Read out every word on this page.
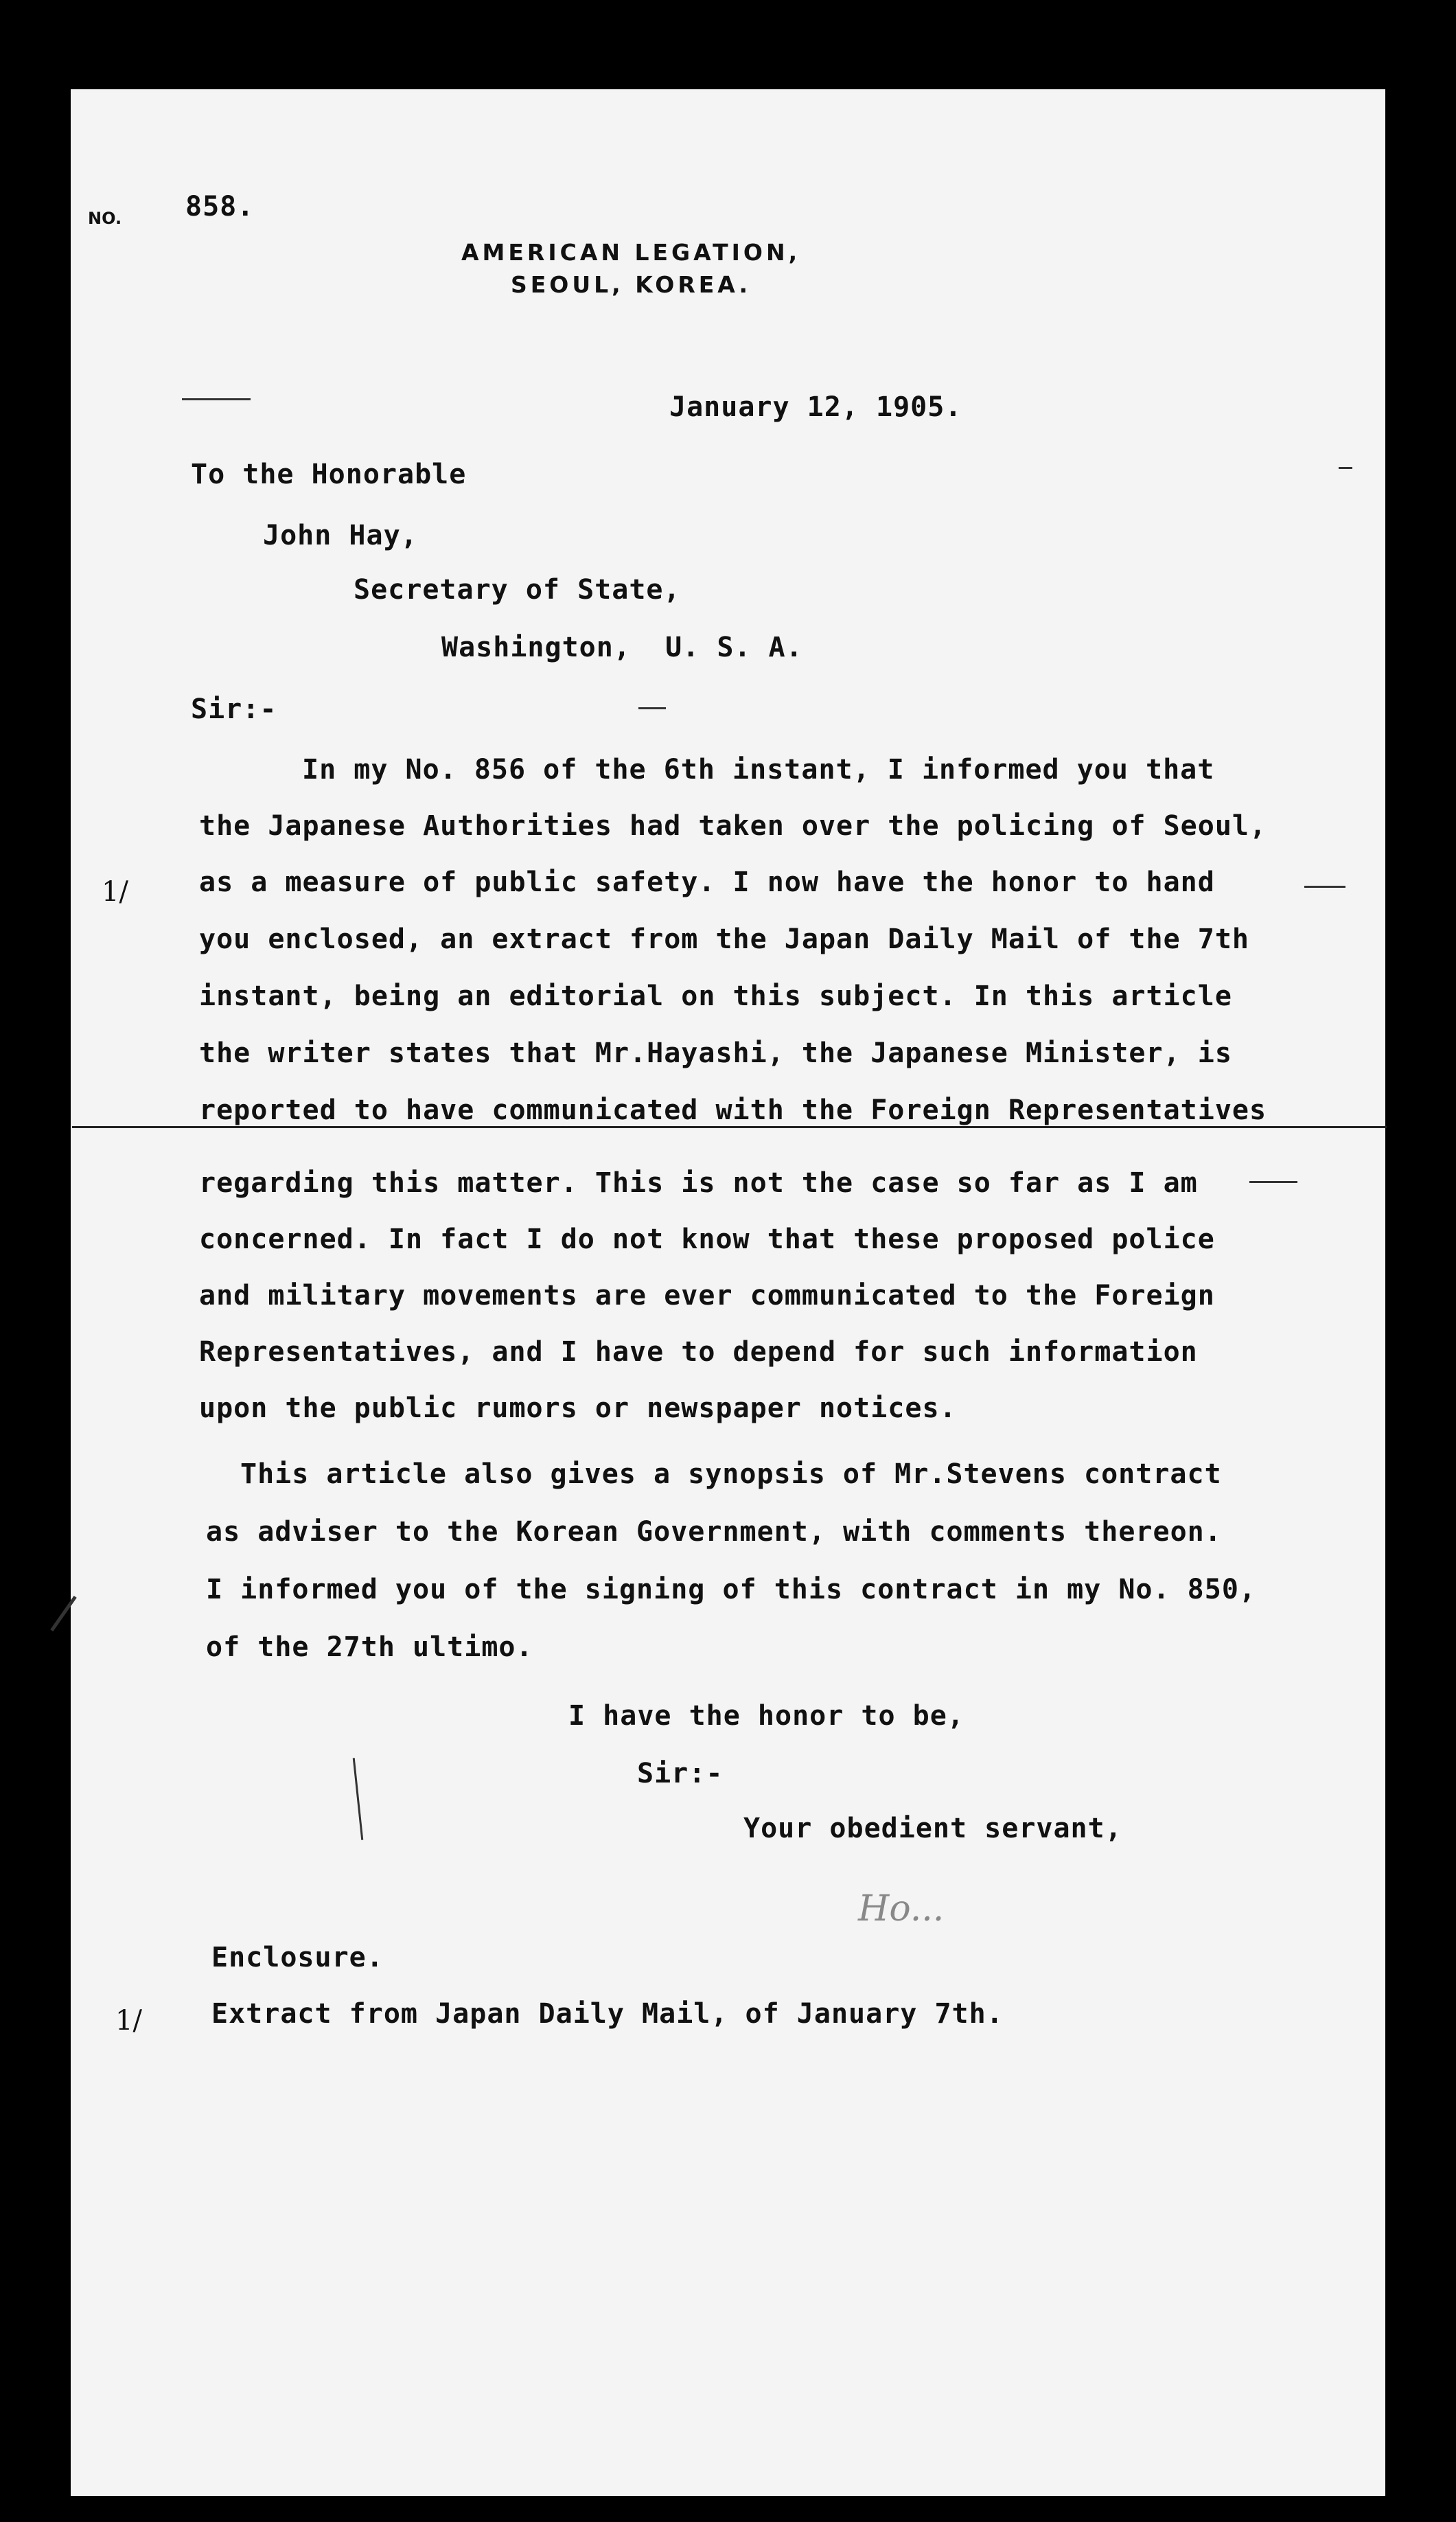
NO. 858.
AMERICAN LEGATION,
SEOUL, KOREA.
January 12, 1905.
To the Honorable
John Hay,
Secretary of State,
Washington,  U. S. A.
Sir:-
1/
1/
In my No. 856 of the 6th instant, I informed you that
the Japanese Authorities had taken over the policing of Seoul,
as a measure of public safety. I now have the honor to hand
you enclosed, an extract from the Japan Daily Mail of the 7th
instant, being an editorial on this subject. In this article
the writer states that Mr.Hayashi, the Japanese Minister, is
reported to have communicated with the Foreign Representatives
regarding this matter. This is not the case so far as I am
concerned. In fact I do not know that these proposed police
and military movements are ever communicated to the Foreign
Representatives, and I have to depend for such information
upon the public rumors or newspaper notices.
This article also gives a synopsis of Mr.Stevens contract
as adviser to the Korean Government, with comments thereon.
I informed you of the signing of this contract in my No. 850,
of the 27th ultimo.
I have the honor to be,
Sir:-
Your obedient servant,
Ho...
Enclosure.
Extract from Japan Daily Mail, of January 7th.
